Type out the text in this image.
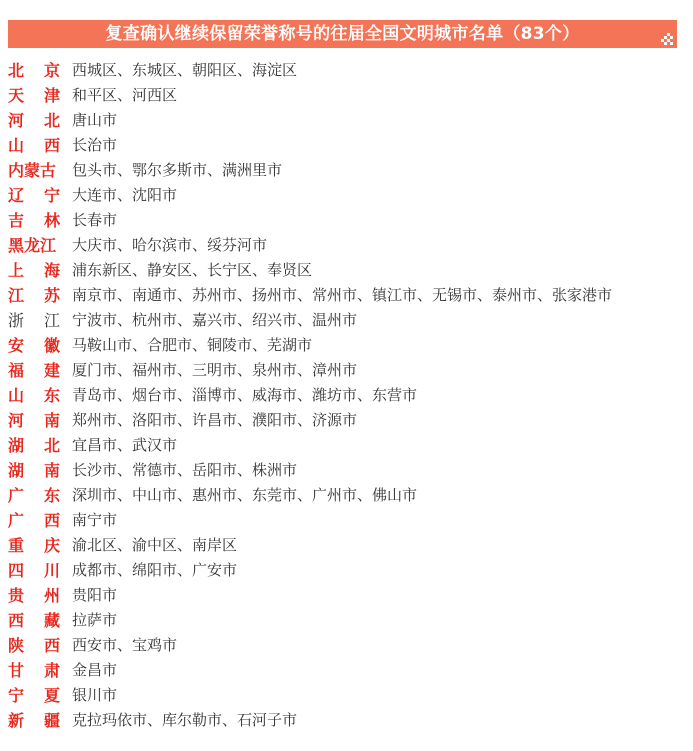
复查确认继续保留荣誉称号的往届全国文明城市名单（83个）
北 京 西城区、东城区、朝阳区、海淀区
天 津 和平区、河西区
河 北 唐山市
山 西 长治市
内蒙古 包头市、鄂尔多斯市、满洲里市
辽 宁 大连市、沈阳市
吉 林 长春市
黑龙江 大庆市、哈尔滨市、绥芬河市
上 海 浦东新区、静安区、长宁区、奉贤区
江 苏 南京市、南通市、苏州市、扬州市、常州市、镇江市、无锡市、泰州市、张家港市
浙 江 宁波市、杭州市、嘉兴市、绍兴市、温州市
安 徽 马鞍山市、合肥市、铜陵市、芜湖市
福 建 厦门市、福州市、三明市、泉州市、漳州市
山 东 青岛市、烟台市、淄博市、威海市、潍坊市、东营市
河 南 郑州市、洛阳市、许昌市、濮阳市、济源市
湖 北 宜昌市、武汉市
湖 南 长沙市、常德市、岳阳市、株洲市
广 东 深圳市、中山市、惠州市、东莞市、广州市、佛山市
广 西 南宁市
重 庆 渝北区、渝中区、南岸区
四 川 成都市、绵阳市、广安市
贵 州 贵阳市
西 藏 拉萨市
陕 西 西安市、宝鸡市
甘 肃 金昌市
宁 夏 银川市
新 疆 克拉玛依市、库尔勒市、石河子市
